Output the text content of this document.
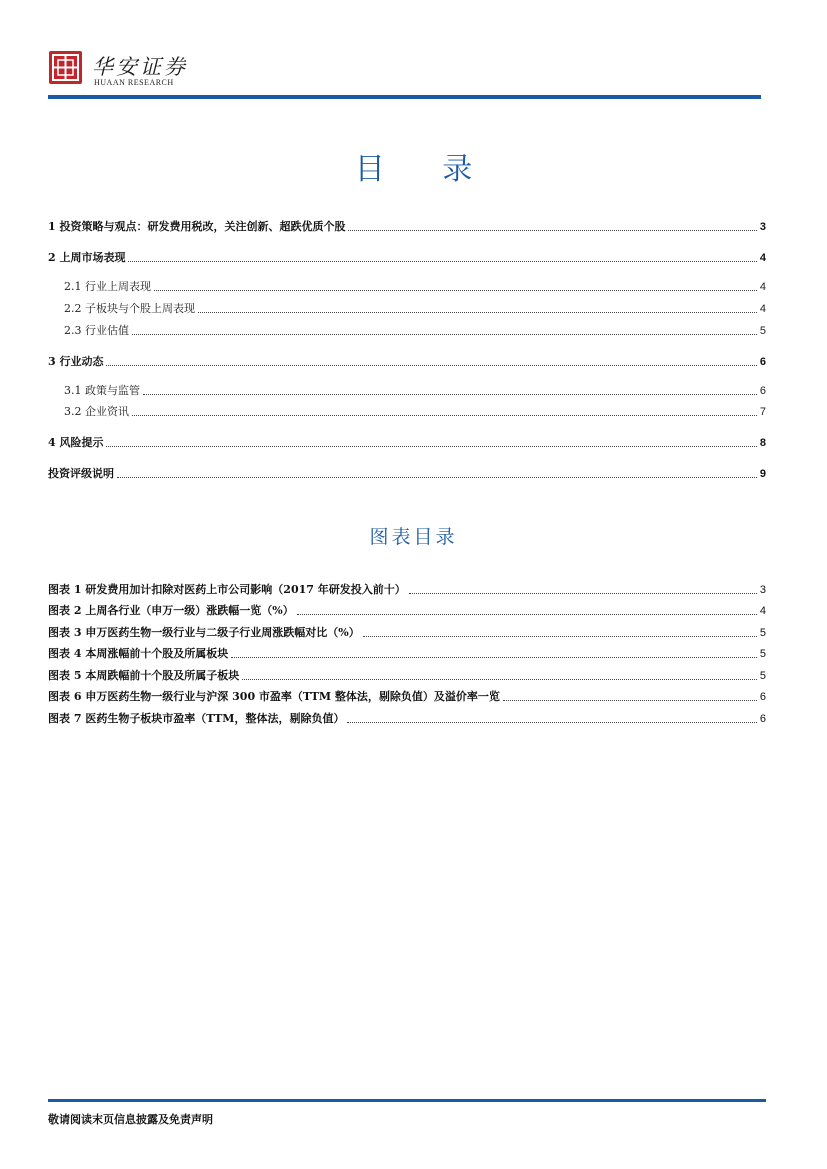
华安证券
HUAAN RESEARCH
目 录
1 投资策略与观点：研发费用税改，关注创新、超跌优质个股	3
2 上周市场表现	4
2.1 行业上周表现	4
2.2 子板块与个股上周表现	4
2.3 行业估值	5
3 行业动态	6
3.1 政策与监管	6
3.2 企业资讯	7
4 风险提示	8
投资评级说明	9
图表目录
图表 1 研发费用加计扣除对医药上市公司影响（2017 年研发投入前十）	3
图表 2 上周各行业（申万一级）涨跌幅一览（%）	4
图表 3 申万医药生物一级行业与二级子行业周涨跌幅对比（%）	5
图表 4 本周涨幅前十个股及所属板块	5
图表 5 本周跌幅前十个股及所属子板块	5
图表 6 申万医药生物一级行业与沪深 300 市盈率（TTM 整体法，剔除负值）及溢价率一览	6
图表 7 医药生物子板块市盈率（TTM，整体法，剔除负值）	6
敬请阅读末页信息披露及免责声明
